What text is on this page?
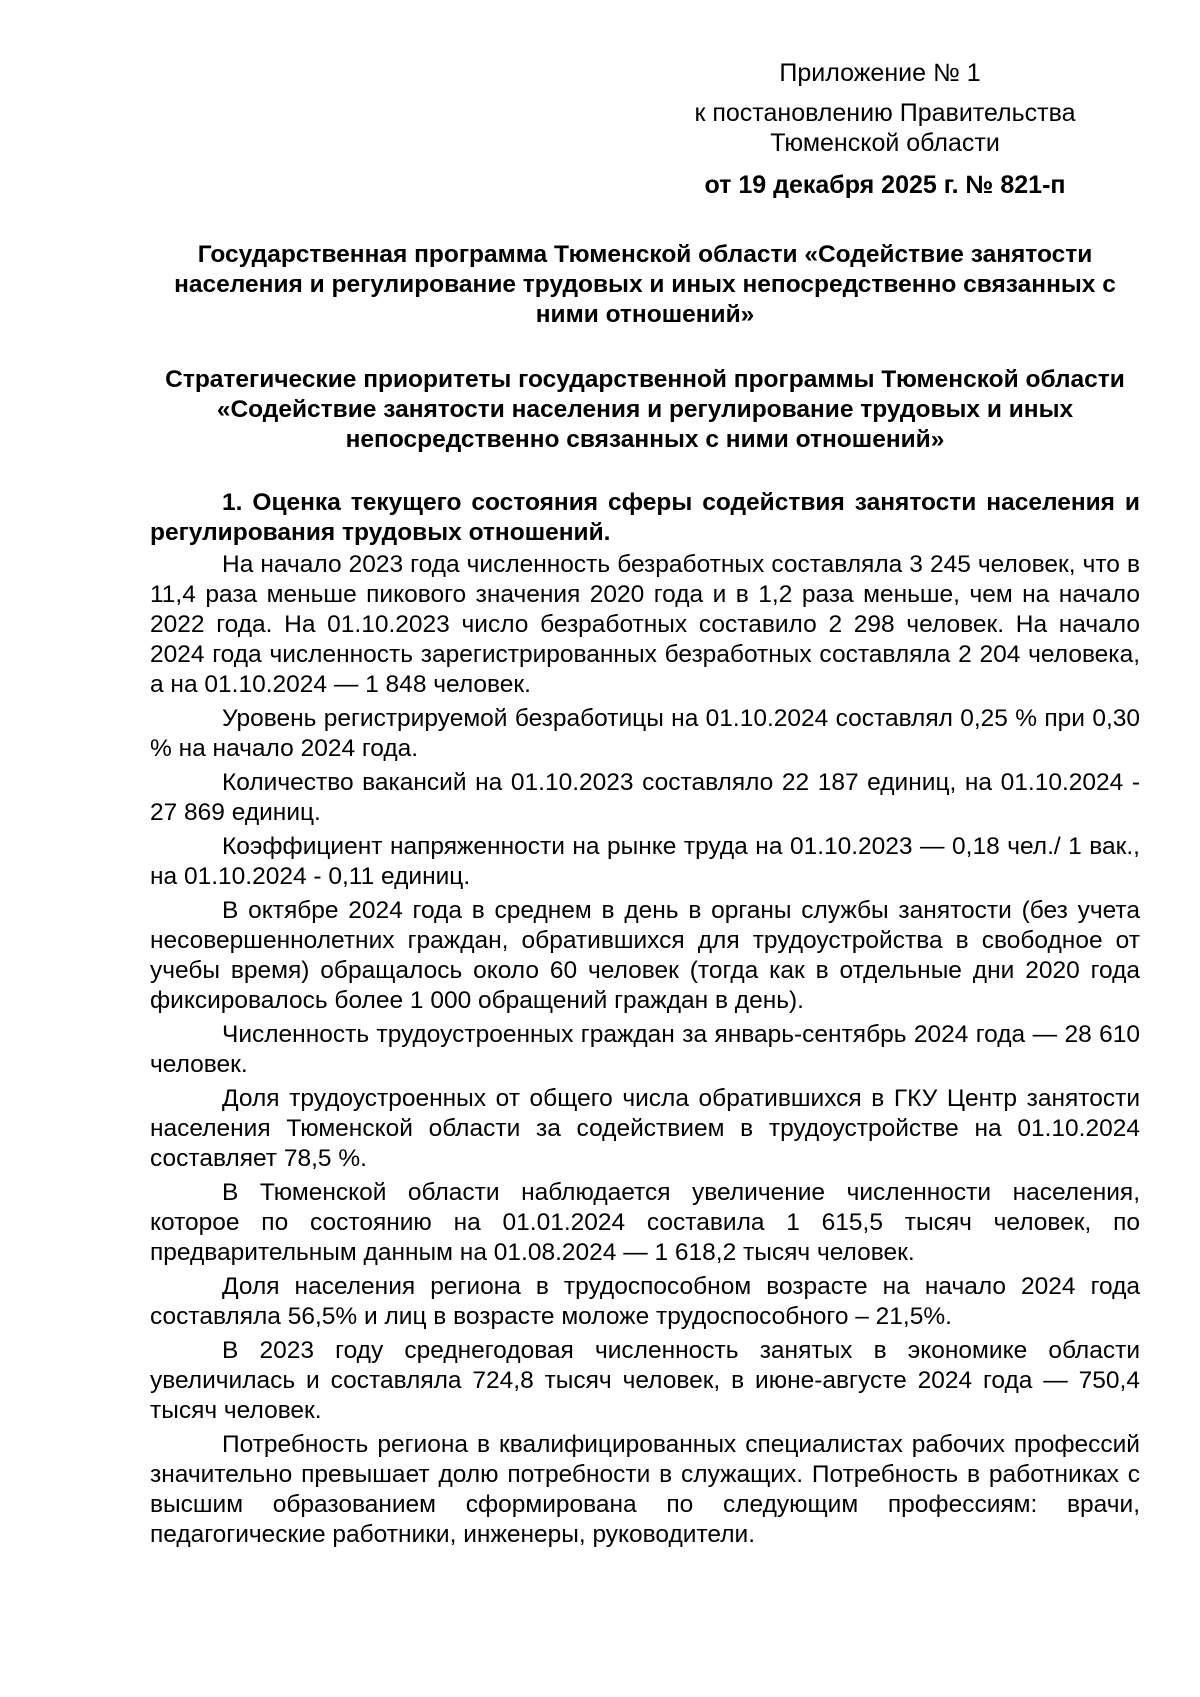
Приложение № 1
к постановлению Правительства Тюменской области
от 19 декабря 2025 г. № 821-п
Государственная программа Тюменской области «Содействие занятости населения и регулирование трудовых и иных непосредственно связанных с ними отношений»
Стратегические приоритеты государственной программы Тюменской области «Содействие занятости населения и регулирование трудовых и иных непосредственно связанных с ними отношений»

1. Оценка текущего состояния сферы содействия занятости населения и регулирования трудовых отношений.

На начало 2023 года численность безработных составляла 3 245 человек, что в 11,4 раза меньше пикового значения 2020 года и в 1,2 раза меньше, чем на начало 2022 года. На 01.10.2023 число безработных составило 2 298 человек. На начало 2024 года численность зарегистрированных безработных составляла 2 204 человека, а на 01.10.2024 — 1 848 человек.

Уровень регистрируемой безработицы на 01.10.2024 составлял 0,25 % при 0,30 % на начало 2024 года.

Количество вакансий на 01.10.2023 составляло 22 187 единиц, на 01.10.2024 - 27 869 единиц.

Коэффициент напряженности на рынке труда на 01.10.2023 — 0,18 чел./ 1 вак., на 01.10.2024 - 0,11 единиц.

В октябре 2024 года в среднем в день в органы службы занятости (без учета несовершеннолетних граждан, обратившихся для трудоустройства в свободное от учебы время) обращалось около 60 человек (тогда как в отдельные дни 2020 года фиксировалось более 1 000 обращений граждан в день).

Численность трудоустроенных граждан за январь-сентябрь 2024 года — 28 610 человек.

Доля трудоустроенных от общего числа обратившихся в ГКУ Центр занятости населения Тюменской области за содействием в трудоустройстве на 01.10.2024 составляет 78,5 %.

В Тюменской области наблюдается увеличение численности населения, которое по состоянию на 01.01.2024 составила 1 615,5 тысяч человек, по предварительным данным на 01.08.2024 — 1 618,2 тысяч человек.

Доля населения региона в трудоспособном возрасте на начало 2024 года составляла 56,5% и лиц в возрасте моложе трудоспособного – 21,5%.

В 2023 году среднегодовая численность занятых в экономике области увеличилась и составляла 724,8 тысяч человек, в июне-августе 2024 года — 750,4 тысяч человек.

Потребность региона в квалифицированных специалистах рабочих профессий значительно превышает долю потребности в служащих. Потребность в работниках с высшим образованием сформирована по следующим профессиям: врачи, педагогические работники, инженеры, руководители.
